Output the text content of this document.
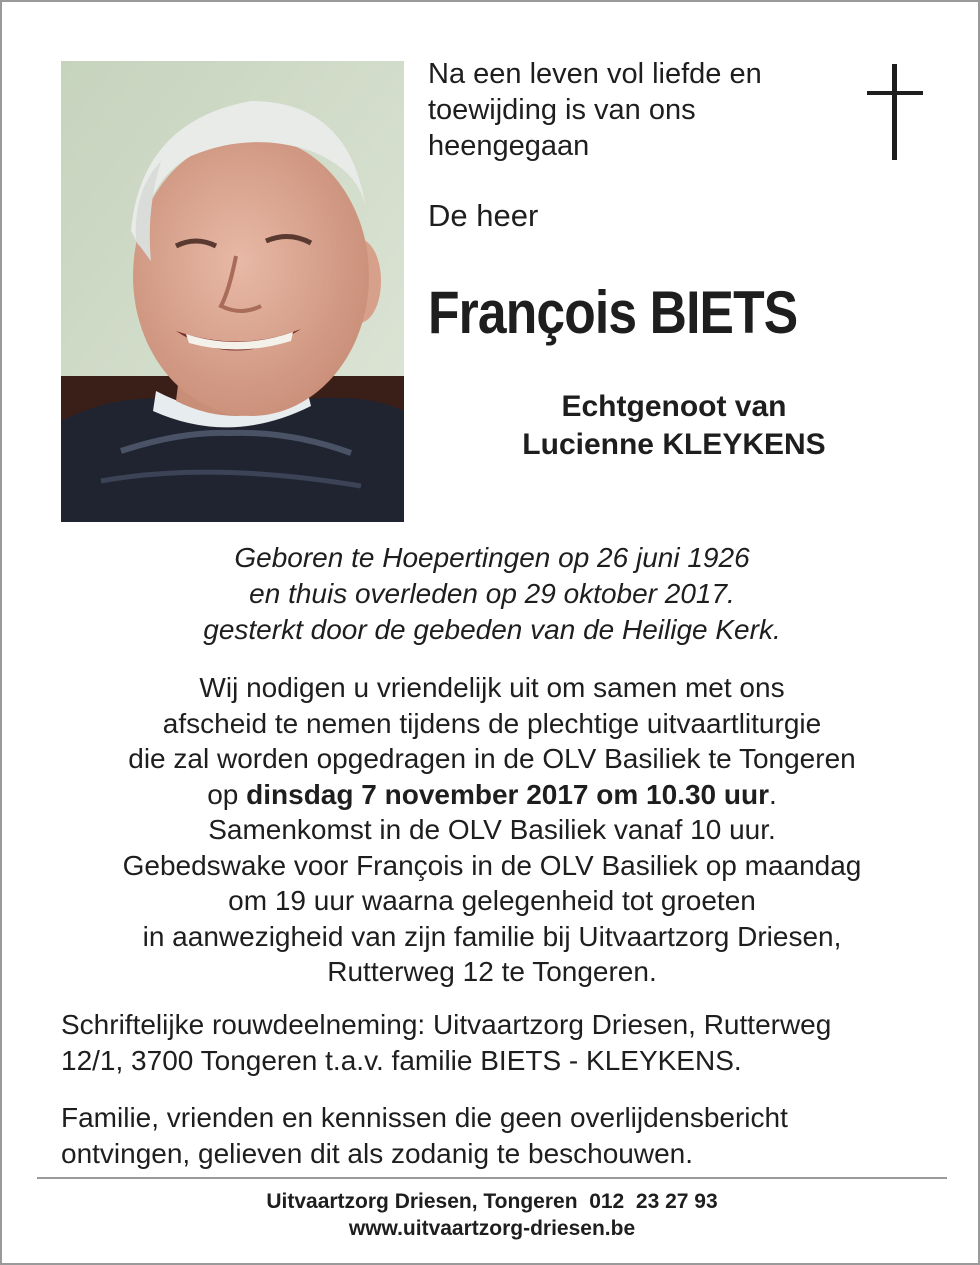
Na een leven vol liefde en
toewijding is van ons
heengegaan

De heer

François BIETS

Echtgenoot van
Lucienne KLEYKENS

Geboren te Hoepertingen op 26 juni 1926
en thuis overleden op 29 oktober 2017.
gesterkt door de gebeden van de Heilige Kerk.

Wij nodigen u vriendelijk uit om samen met ons
afscheid te nemen tijdens de plechtige uitvaartliturgie
die zal worden opgedragen in de OLV Basiliek te Tongeren
op dinsdag 7 november 2017 om 10.30 uur.
Samenkomst in de OLV Basiliek vanaf 10 uur.
Gebedswake voor François in de OLV Basiliek op maandag
om 19 uur waarna gelegenheid tot groeten
in aanwezigheid van zijn familie bij Uitvaartzorg Driesen,
Rutterweg 12 te Tongeren.

Schriftelijke rouwdeelneming: Uitvaartzorg Driesen, Rutterweg
12/1, 3700 Tongeren t.a.v. familie BIETS - KLEYKENS.

Familie, vrienden en kennissen die geen overlijdensbericht
ontvingen, gelieven dit als zodanig te beschouwen.

Uitvaartzorg Driesen, Tongeren  012  23 27 93
www.uitvaartzorg-driesen.be
